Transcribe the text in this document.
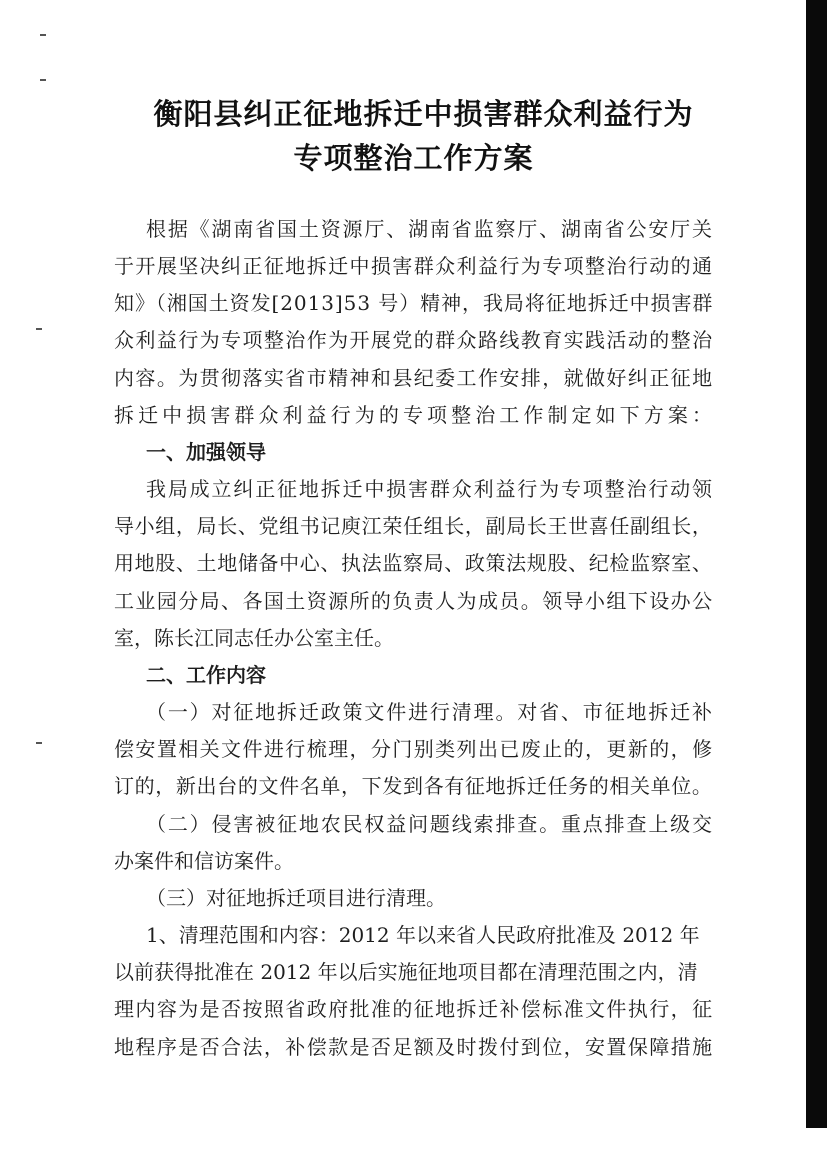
衡阳县纠正征地拆迁中损害群众利益行为
专项整治工作方案
根据《湖南省国土资源厅、湖南省监察厅、湖南省公安厅关
于开展坚决纠正征地拆迁中损害群众利益行为专项整治行动的通
知》（湘国土资发[2013]53 号）精神，我局将征地拆迁中损害群
众利益行为专项整治作为开展党的群众路线教育实践活动的整治
内容。为贯彻落实省市精神和县纪委工作安排，就做好纠正征地
拆迁中损害群众利益行为的专项整治工作制定如下方案：
一、加强领导
我局成立纠正征地拆迁中损害群众利益行为专项整治行动领
导小组，局长、党组书记庾江荣任组长，副局长王世喜任副组长，
用地股、土地储备中心、执法监察局、政策法规股、纪检监察室、
工业园分局、各国土资源所的负责人为成员。领导小组下设办公
室，陈长江同志任办公室主任。
二、工作内容
（一）对征地拆迁政策文件进行清理。对省、市征地拆迁补
偿安置相关文件进行梳理，分门别类列出已废止的，更新的，修
订的，新出台的文件名单，下发到各有征地拆迁任务的相关单位。
（二）侵害被征地农民权益问题线索排查。重点排查上级交
办案件和信访案件。
（三）对征地拆迁项目进行清理。
1、清理范围和内容：2012 年以来省人民政府批准及 2012 年
以前获得批准在 2012 年以后实施征地项目都在清理范围之内，清
理内容为是否按照省政府批准的征地拆迁补偿标准文件执行，征
地程序是否合法，补偿款是否足额及时拨付到位，安置保障措施
